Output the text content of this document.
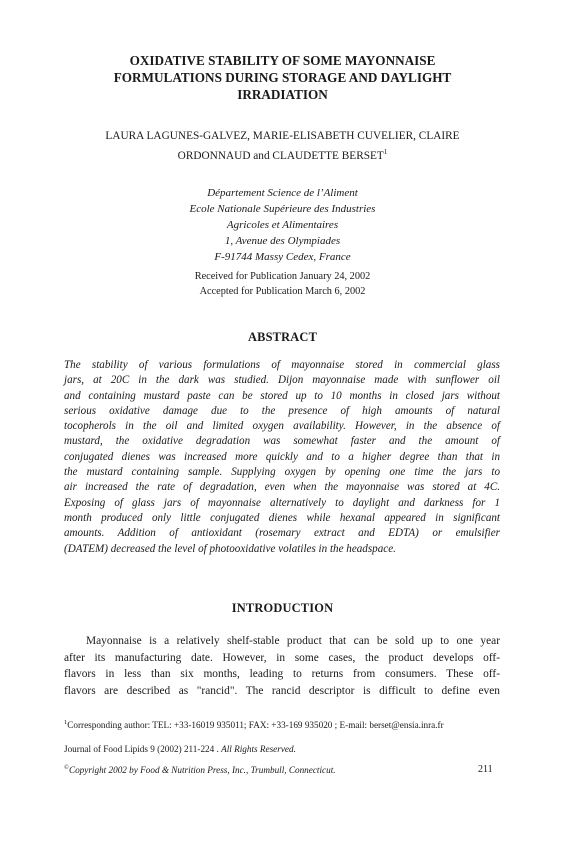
OXIDATIVE STABILITY OF SOME MAYONNAISE
FORMULATIONS DURING STORAGE AND DAYLIGHT
IRRADIATION
LAURA LAGUNES-GALVEZ, MARIE-ELISABETH CUVELIER, CLAIRE
ORDONNAUD and CLAUDETTE BERSET$^1$
Département Science de l’Aliment
Ecole Nationale Supérieure des Industries
Agricoles et Alimentaires
1, Avenue des Olympiades
F-91744 Massy Cedex, France
Received for Publication January 24, 2002
Accepted for Publication March 6, 2002
ABSTRACT
The stability of various formulations of mayonnaise stored in commercial glass
jars, at 20C in the dark was studied. Dijon mayonnaise made with sunflower oil
and containing mustard paste can be stored up to 10 months in closed jars without
serious oxidative damage due to the presence of high amounts of natural
tocopherols in the oil and limited oxygen availability. However, in the absence of
mustard, the oxidative degradation was somewhat faster and the amount of
conjugated dienes was increased more quickly and to a higher degree than that in
the mustard containing sample. Supplying oxygen by opening one time the jars to
air increased the rate of degradation, even when the mayonnaise was stored at 4C.
Exposing of glass jars of mayonnaise alternatively to daylight and darkness for 1
month produced only little conjugated dienes while hexanal appeared in significant
amounts. Addition of antioxidant (rosemary extract and EDTA) or emulsifier
(DATEM) decreased the level of photooxidative volatiles in the headspace.
INTRODUCTION
Mayonnaise is a relatively shelf-stable product that can be sold up to one year
after its manufacturing date. However, in some cases, the product develops off-
flavors in less than six months, leading to returns from consumers. These off-
flavors are described as "rancid". The rancid descriptor is difficult to define even
$^1$Corresponding author: TEL: +33-16019 935011; FAX: +33-169 935020 ; E-mail: berset@ensia.inra.fr
Journal of Food Lipids 9 (2002) 211-224 . All Rights Reserved.
©Copyright 2002 by Food & Nutrition Press, Inc., Trumbull, Connecticut.	211
